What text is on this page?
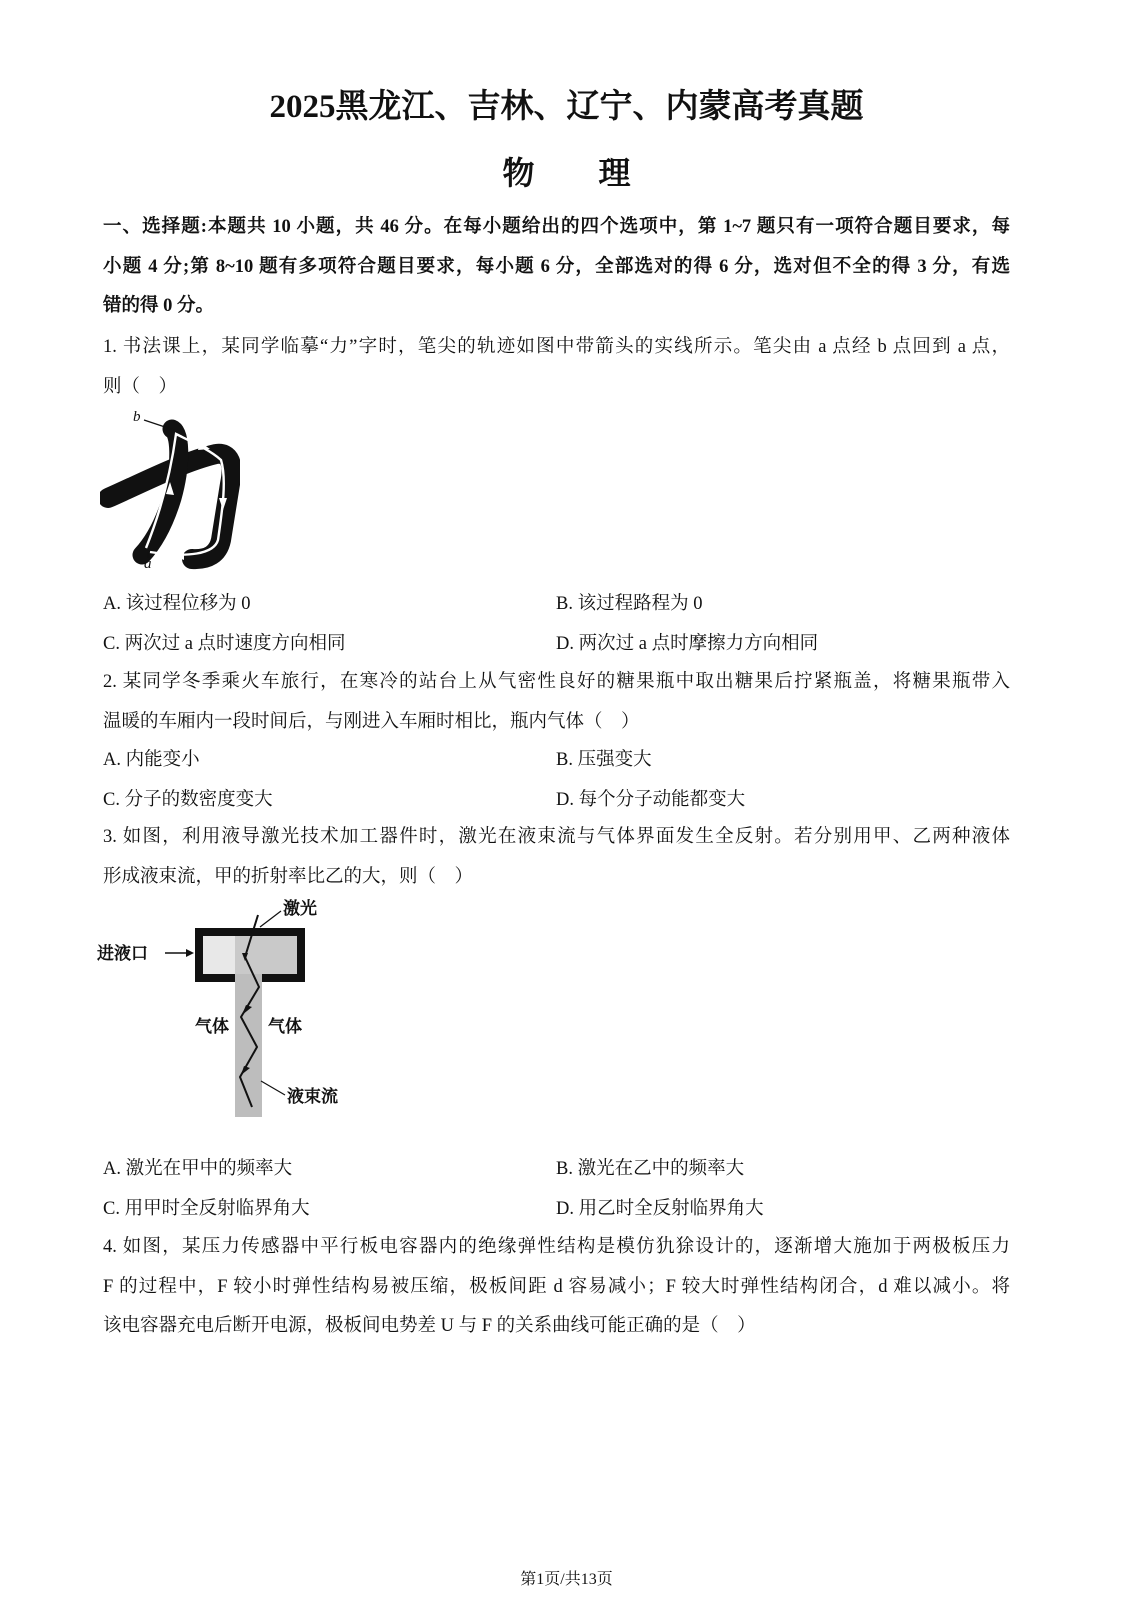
2025黑龙江、吉林、辽宁、内蒙高考真题
物　　理
一、选择题:本题共 10 小题，共 46 分。在每小题给出的四个选项中，第 1~7 题只有一项符合题目要求，每
小题 4 分;第 8~10 题有多项符合题目要求，每小题 6 分，全部选对的得 6 分，选对但不全的得 3 分，有选
错的得 0 分。
1. 书法课上，某同学临摹“力”字时，笔尖的轨迹如图中带箭头的实线所示。笔尖由 a 点经 b 点回到 a 点，
则（　）
b
a
A. 该过程位移为 0	B. 该过程路程为 0
C. 两次过 a 点时速度方向相同	D. 两次过 a 点时摩擦力方向相同
2. 某同学冬季乘火车旅行，在寒冷的站台上从气密性良好的糖果瓶中取出糖果后拧紧瓶盖，将糖果瓶带入
温暖的车厢内一段时间后，与刚进入车厢时相比，瓶内气体（　）
A. 内能变小	B. 压强变大
C. 分子的数密度变大	D. 每个分子动能都变大
3. 如图，利用液导激光技术加工器件时，激光在液束流与气体界面发生全反射。若分别用甲、乙两种液体
形成液束流，甲的折射率比乙的大，则（　）
激光
进液口
气体 气体
液束流
A. 激光在甲中的频率大	B. 激光在乙中的频率大
C. 用甲时全反射临界角大	D. 用乙时全反射临界角大
4. 如图，某压力传感器中平行板电容器内的绝缘弹性结构是模仿犰狳设计的，逐渐增大施加于两极板压力
F 的过程中，F 较小时弹性结构易被压缩，极板间距 d 容易减小；F 较大时弹性结构闭合，d 难以减小。将
该电容器充电后断开电源，极板间电势差 U 与 F 的关系曲线可能正确的是（　）
第1页/共13页
